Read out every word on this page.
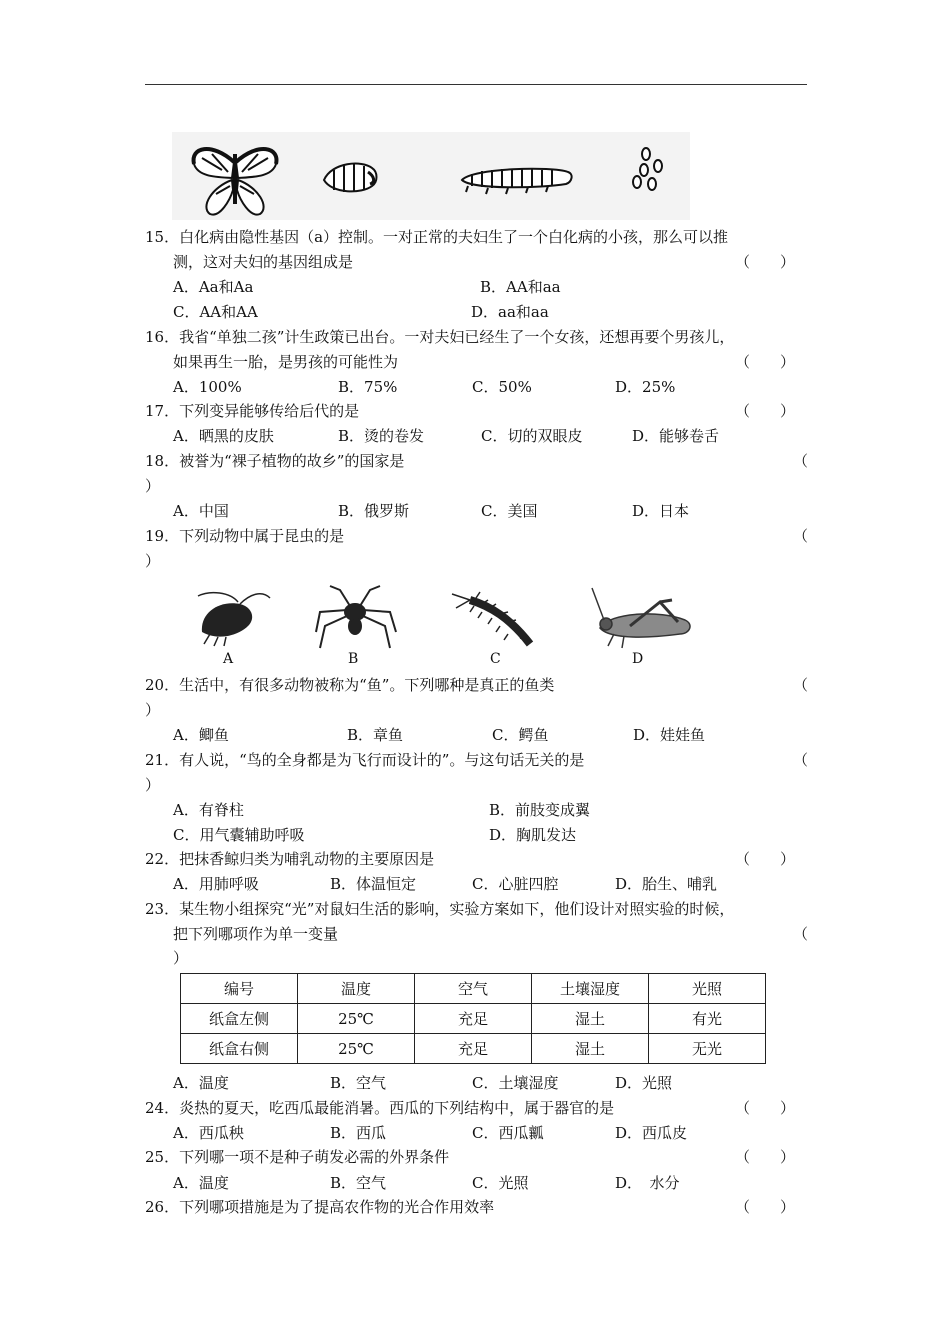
15．白化病由隐性基因（a）控制。一对正常的夫妇生了一个白化病的小孩，那么可以推
测，这对夫妇的基因组成是	（　　）
A．Aa和Aa	B．AA和aa
C．AA和AA	D．aa和aa
16．我省“单独二孩”计生政策已出台。一对夫妇已经生了一个女孩，还想再要个男孩儿，
如果再生一胎，是男孩的可能性为	（　　）
A．100%	B．75%	C．50%	D．25%
17．下列变异能够传给后代的是	（　　）
A．晒黑的皮肤	B．烫的卷发	C．切的双眼皮	D．能够卷舌
18．被誉为“裸子植物的故乡”的国家是	（
）
A．中国	B．俄罗斯	C．美国	D．日本
19．下列动物中属于昆虫的是	（
）
A	B	C	D
20．生活中，有很多动物被称为“鱼”。下列哪种是真正的鱼类	（
）
A．鲫鱼	B．章鱼	C．鳄鱼	D．娃娃鱼
21．有人说，“鸟的全身都是为飞行而设计的”。与这句话无关的是	（
）
A．有脊柱	B．前肢变成翼
C．用气囊辅助呼吸	D．胸肌发达
22．把抹香鲸归类为哺乳动物的主要原因是	（　　）
A．用肺呼吸	B．体温恒定	C．心脏四腔	D．胎生、哺乳
23．某生物小组探究“光”对鼠妇生活的影响，实验方案如下，他们设计对照实验的时候，
把下列哪项作为单一变量	（
）
编号	温度	空气	土壤湿度	光照
纸盒左侧	25℃	充足	湿土	有光
纸盒右侧	25℃	充足	湿土	无光
A．温度	B．空气	C．土壤湿度	D．光照
24．炎热的夏天，吃西瓜最能消暑。西瓜的下列结构中，属于器官的是	（　　）
A．西瓜秧	B．西瓜	C．西瓜瓤	D．西瓜皮
25．下列哪一项不是种子萌发必需的外界条件	（　　）
A．温度	B．空气	C．光照	D．　水分
26．下列哪项措施是为了提高农作物的光合作用效率	（　　）
